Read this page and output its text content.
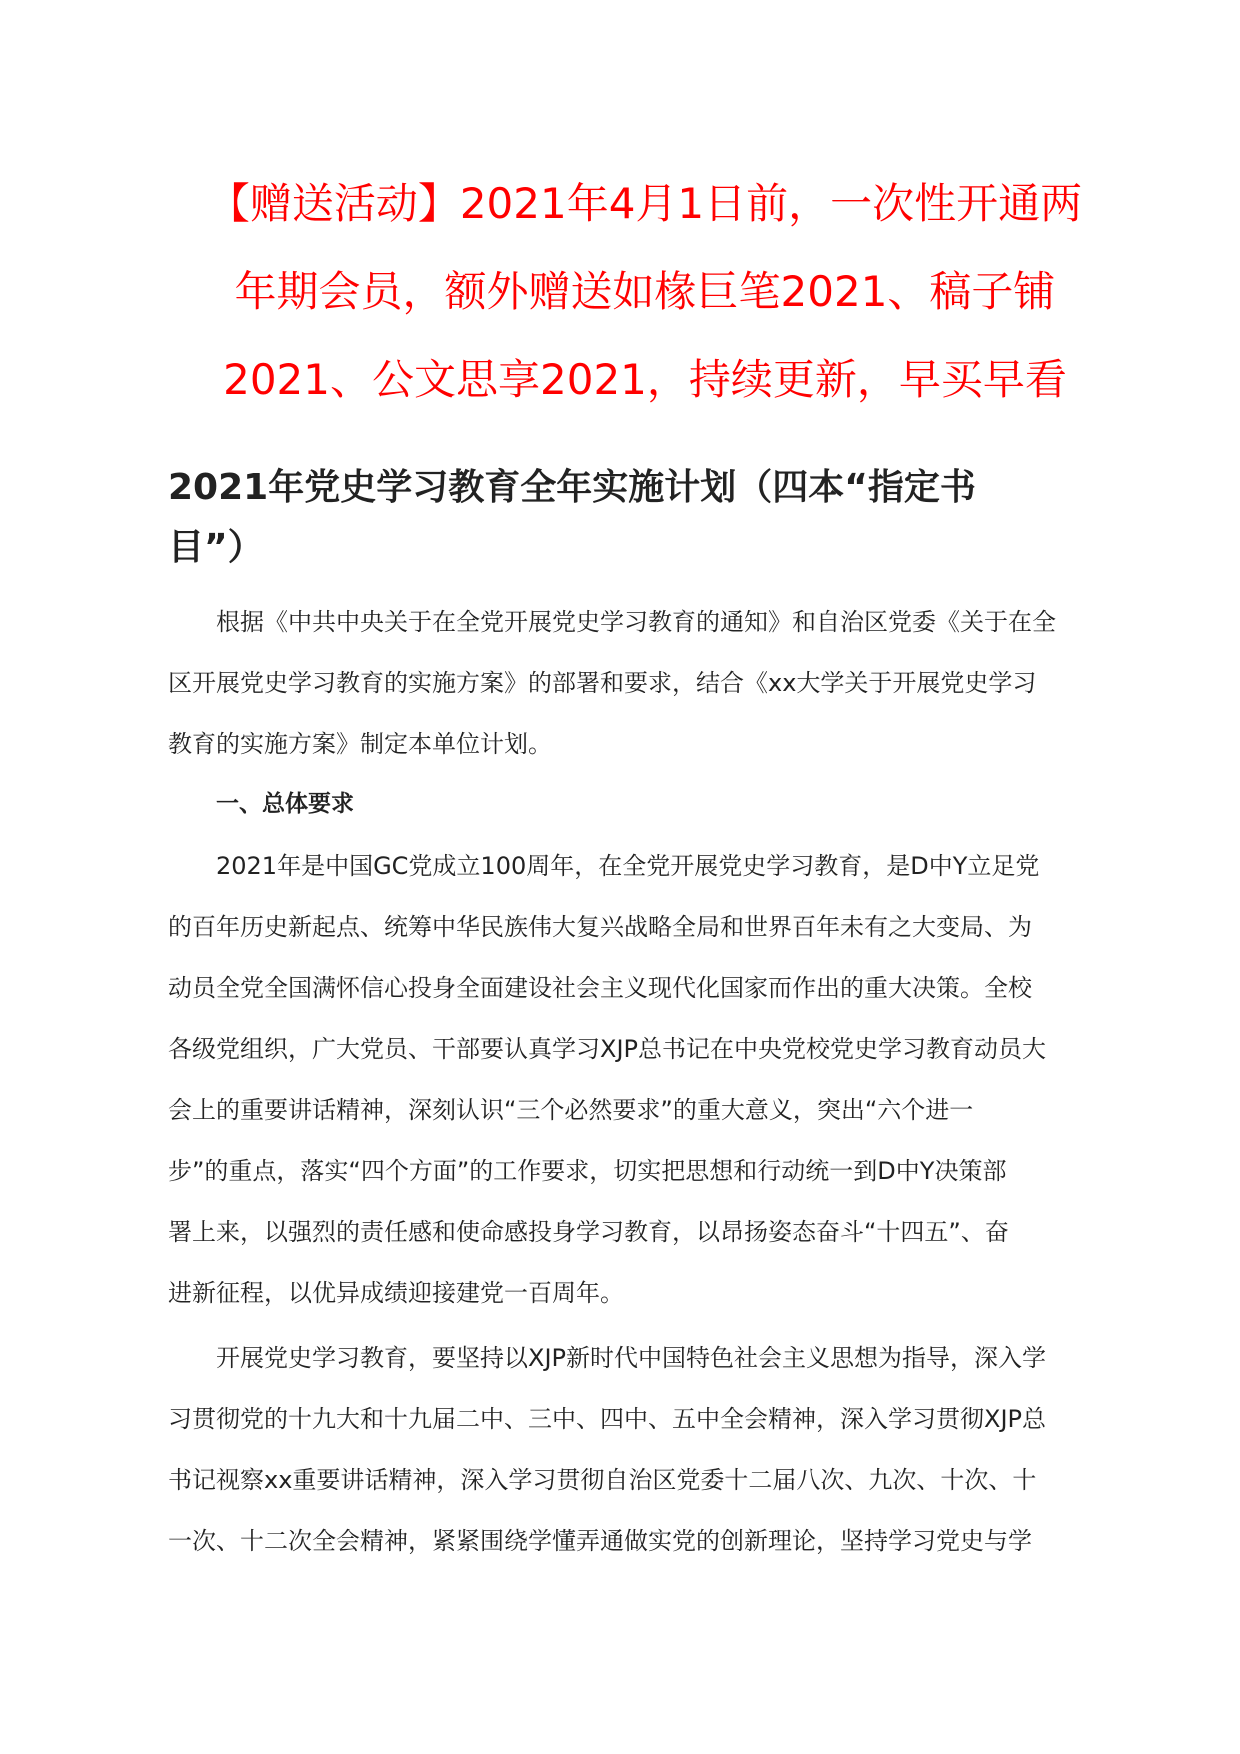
【赠送活动】2021年4月1日前，一次性开通两
年期会员，额外赠送如椽巨笔2021、稿子铺
2021、公文思享2021，持续更新，早买早看
2021年党史学习教育全年实施计划（四本“指定书
目”）
根据《中共中央关于在全党开展党史学习教育的通知》和自治区党委《关于在全
区开展党史学习教育的实施方案》的部署和要求，结合《xx大学关于开展党史学习
教育的实施方案》制定本单位计划。
一、总体要求
2021年是中国GC党成立100周年，在全党开展党史学习教育，是D中Y立足党
的百年历史新起点、统筹中华民族伟大复兴战略全局和世界百年未有之大变局、为
动员全党全国满怀信心投身全面建设社会主义现代化国家而作出的重大决策。全校
各级党组织，广大党员、干部要认真学习XJP总书记在中央党校党史学习教育动员大
会上的重要讲话精神，深刻认识“三个必然要求”的重大意义，突出“六个进一
步”的重点，落实“四个方面”的工作要求，切实把思想和行动统一到D中Y决策部
署上来，以强烈的责任感和使命感投身学习教育，以昂扬姿态奋斗“十四五”、奋
进新征程，以优异成绩迎接建党一百周年。
开展党史学习教育，要坚持以XJP新时代中国特色社会主义思想为指导，深入学
习贯彻党的十九大和十九届二中、三中、四中、五中全会精神，深入学习贯彻XJP总
书记视察xx重要讲话精神，深入学习贯彻自治区党委十二届八次、九次、十次、十
一次、十二次全会精神，紧紧围绕学懂弄通做实党的创新理论，坚持学习党史与学
